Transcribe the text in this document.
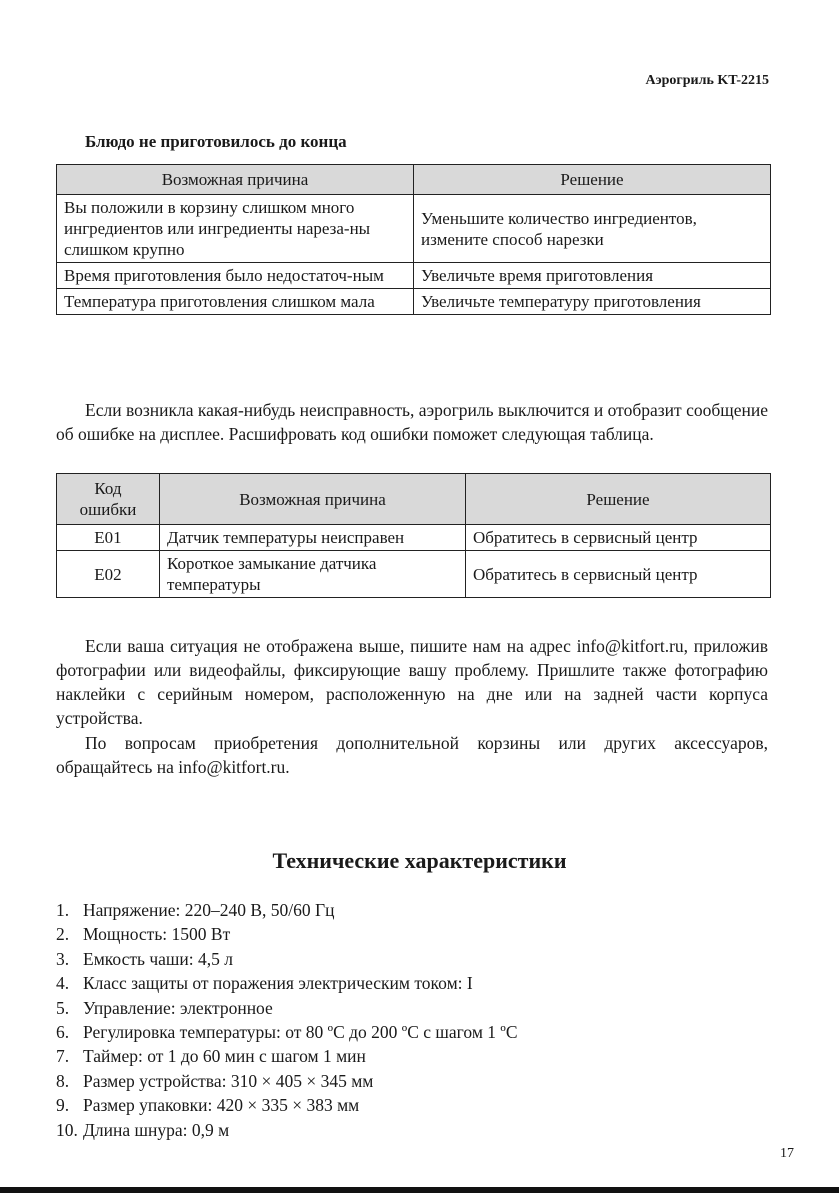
Аэрогриль KT-2215
Блюдо не приготовилось до конца
Возможная причина	Решение
Вы положили в корзину слишком много ингредиентов или ингредиенты нареза-ны слишком крупно	Уменьшите количество ингредиентов, измените способ нарезки
Время приготовления было недостаточ-ным	Увеличьте время приготовления
Температура приготовления слишком мала	Увеличьте температуру приготовления

Если возникла какая-нибудь неисправность, аэрогриль выключится и отобразит сообщение об ошибке на дисплее. Расшифровать код ошибки поможет следующая таблица.

Код ошибки	Возможная причина	Решение
E01	Датчик температуры неисправен	Обратитесь в сервисный центр
E02	Короткое замыкание датчика температуры	Обратитесь в сервисный центр

Если ваша ситуация не отображена выше, пишите нам на адрес info@kitfort.ru, приложив фотографии или видеофайлы, фиксирующие вашу проблему. Пришлите также фотографию наклейки с серийным номером, расположенную на дне или на задней части корпуса устройства.

По вопросам приобретения дополнительной корзины или других аксессуаров, обращайтесь на info@kitfort.ru.

Технические характеристики
1. Напряжение: 220–240 В, 50/60 Гц
2. Мощность: 1500 Вт
3. Емкость чаши: 4,5 л
4. Класс защиты от поражения электрическим током: I
5. Управление: электронное
6. Регулировка температуры: от 80 ºС до 200 ºС с шагом 1 ºС
7. Таймер: от 1 до 60 мин с шагом 1 мин
8. Размер устройства: 310 × 405 × 345 мм
9. Размер упаковки: 420 × 335 × 383 мм
10. Длина шнура: 0,9 м
17
